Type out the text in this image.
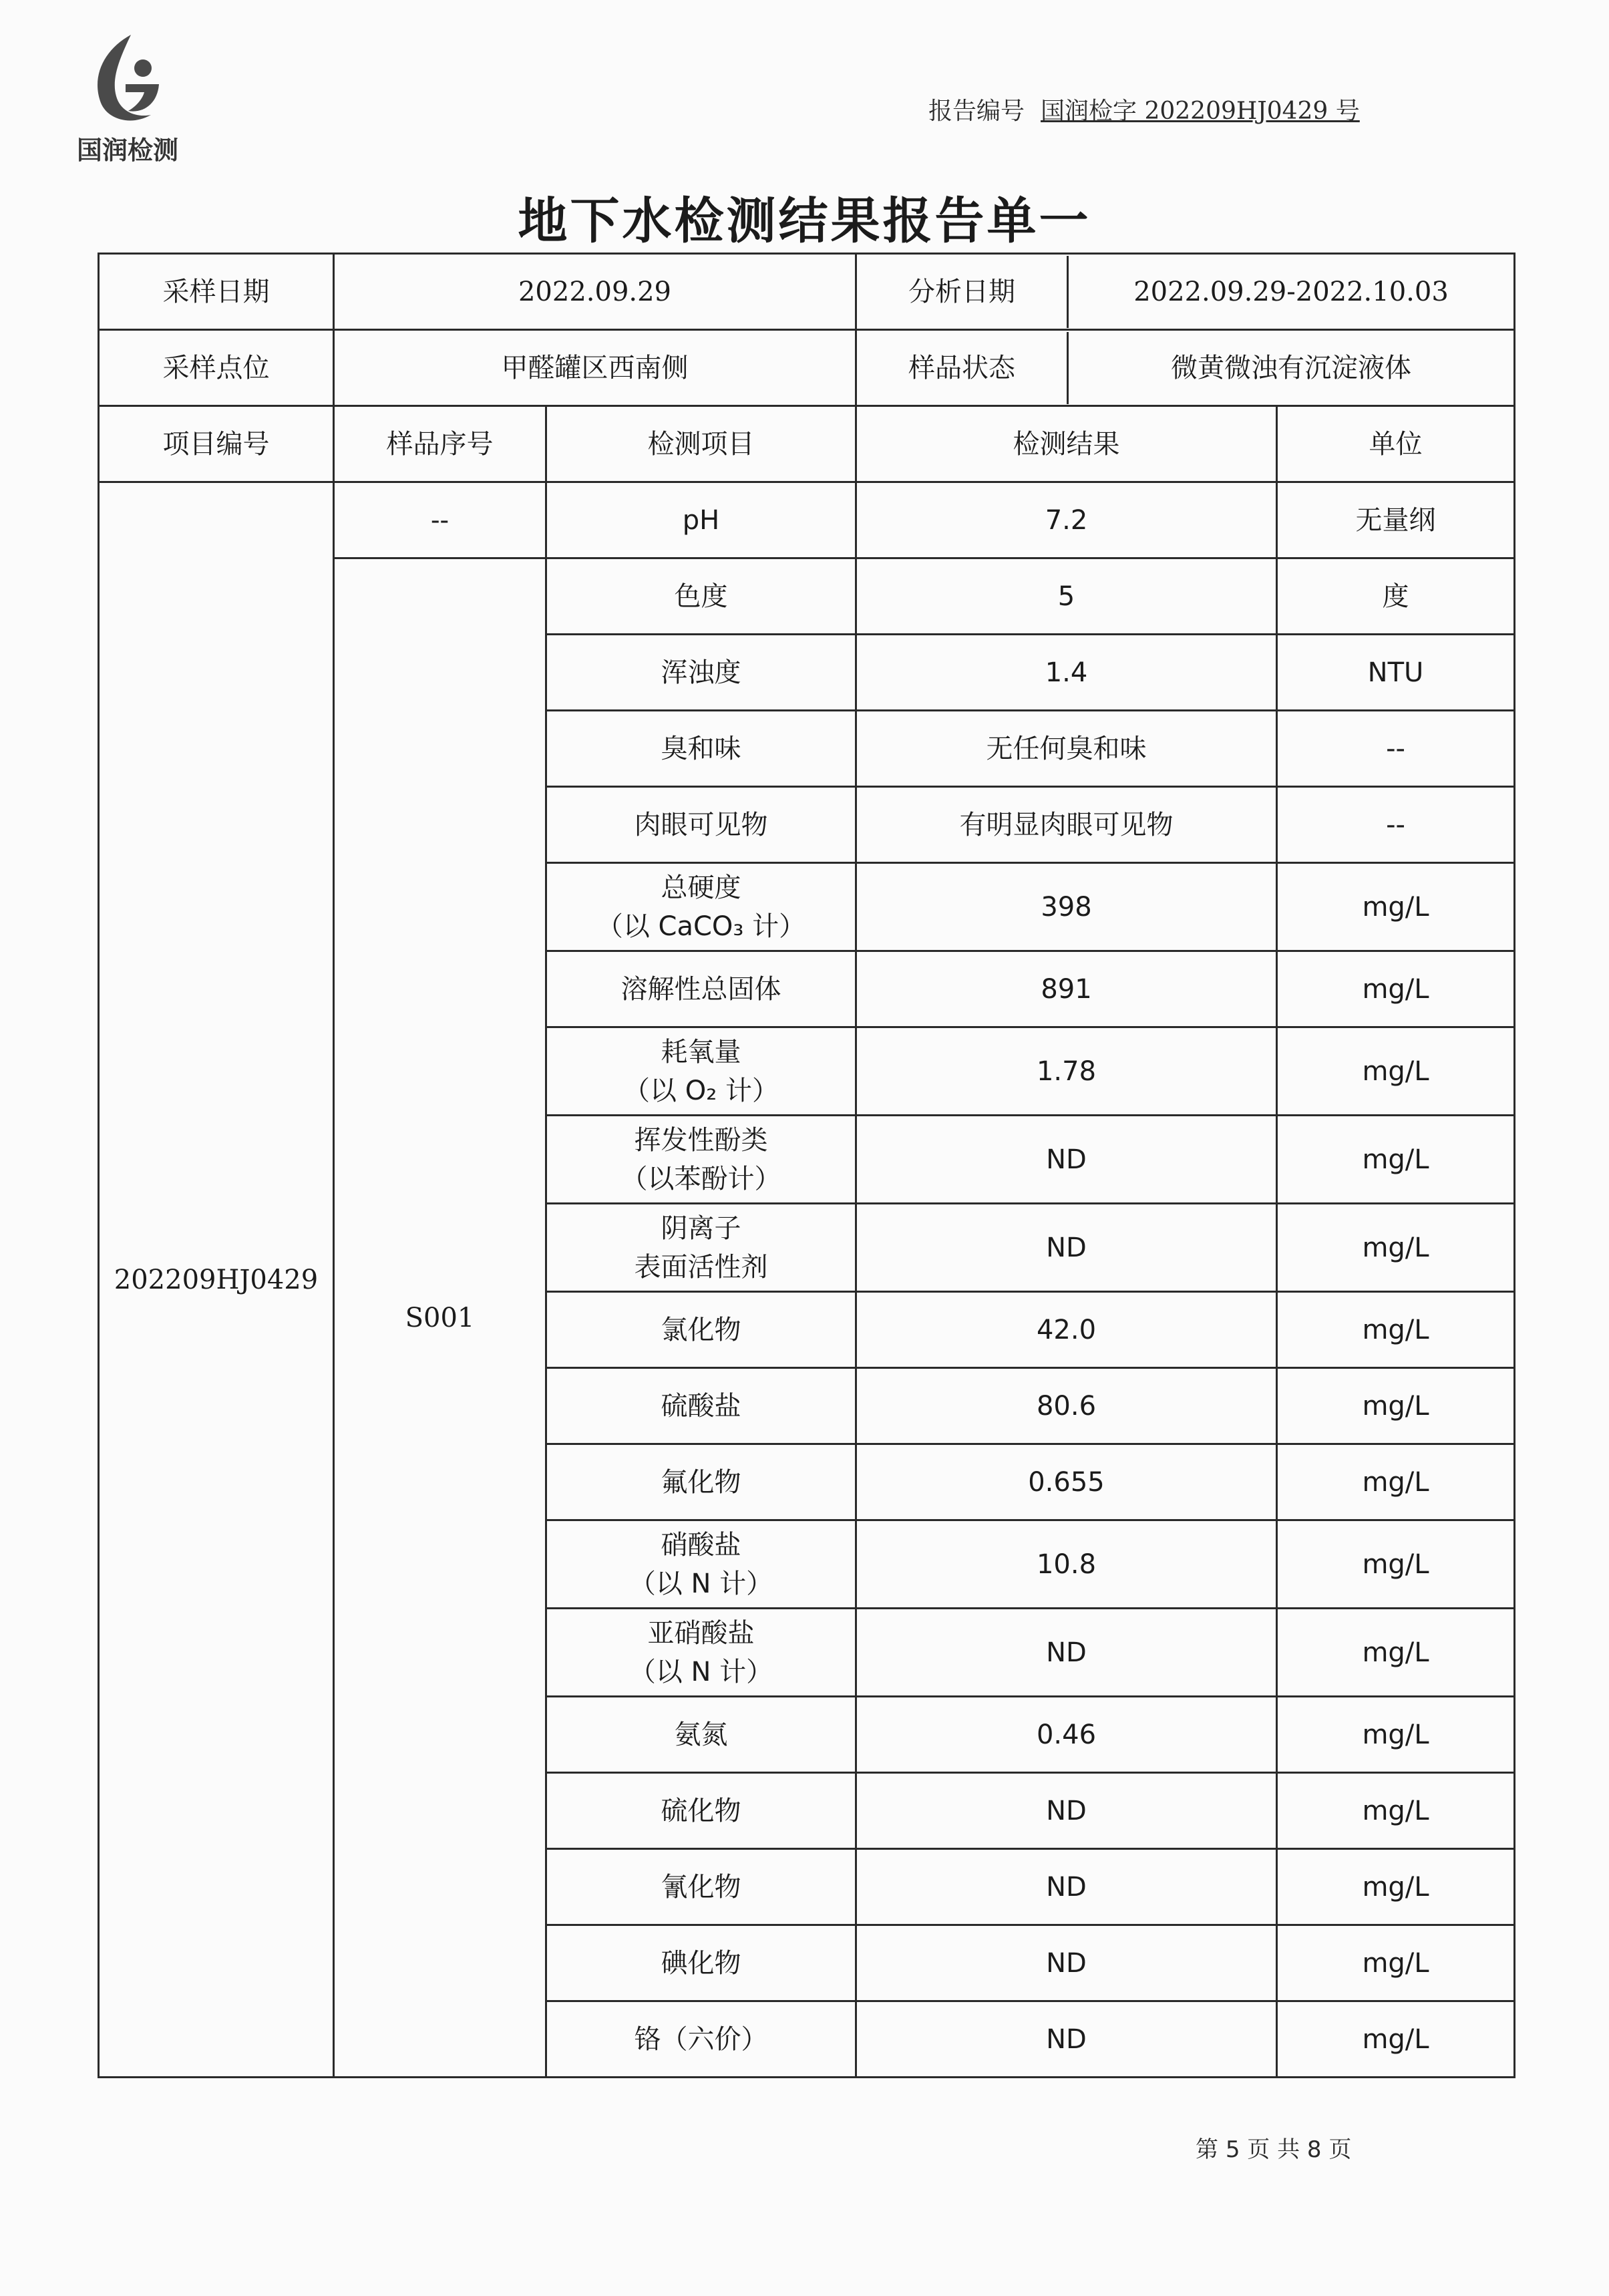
国润检测
报告编号 国润检字 202209HJ0429 号
地下水检测结果报告单一
采样日期	2022.09.29		分析日期 2022.09.29-2022.10.03	

采样点位	甲醛罐区西南侧		样品状态 微黄微浊有沉淀液体	

项目编号	样品序号	检测项目	检测结果	单位
202209HJ0429	--	pH	7.2	无量纲
	S001	色度	5	度

		浑浊度	1.4	NTU

		臭和味	无任何臭和味	--

		肉眼可见物	有明显肉眼可见物	--

		总硬度
（以 CaCO₃ 计）	398	mg/L

		溶解性总固体	891	mg/L

		耗氧量
（以 O₂ 计）	1.78	mg/L

		挥发性酚类
（以苯酚计）	ND	mg/L

		阴离子
表面活性剂	ND	mg/L

		氯化物	42.0	mg/L

		硫酸盐	80.6	mg/L

		氟化物	0.655	mg/L

		硝酸盐
（以 N 计）	10.8	mg/L

		亚硝酸盐
（以 N 计）	ND	mg/L

		氨氮	0.46	mg/L

		硫化物	ND	mg/L

		氰化物	ND	mg/L

		碘化物	ND	mg/L

		铬（六价）	ND	mg/L
第 5 页 共 8 页
